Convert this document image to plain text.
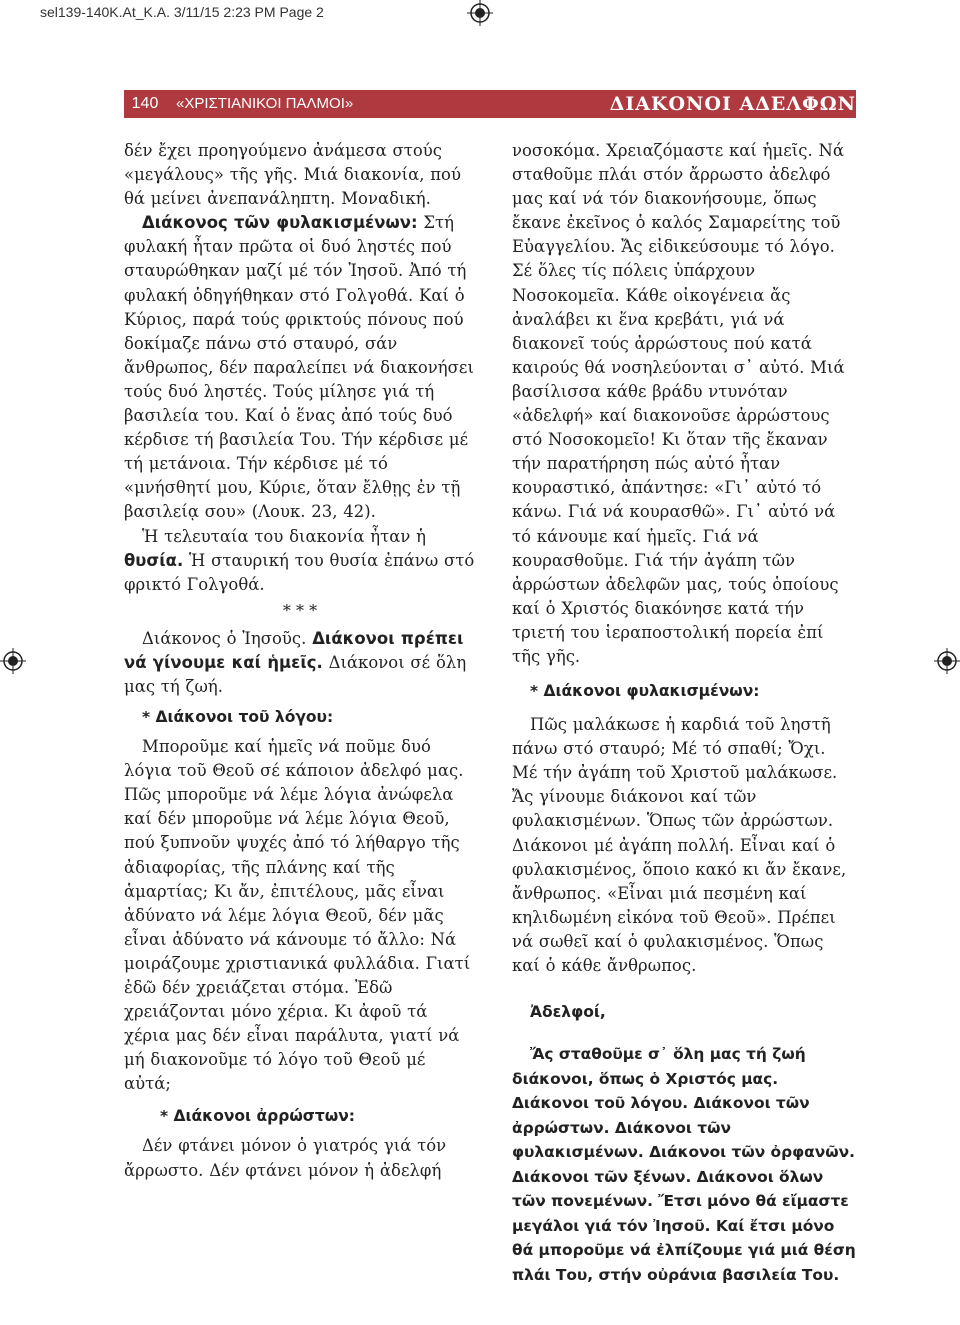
sel139-140K.At_K.A. 3/11/15 2:23 PM Page 2
140	«ΧΡΙΣΤΙΑΝΙΚΟΙ ΠΑΛΜΟΙ»	ΔΙΑΚΟΝΟΙ ΑΔΕΛΦΩΝ

δέν ἔχει προηγούμενο ἀνάμεσα στούς «μεγάλους» τῆς γῆς. Μιά διακονία, πού θά μείνει ἀνεπανάληπτη. Μοναδική.

Διάκονος τῶν φυλακισμένων: Στή φυλακή ἦταν πρῶτα οἱ δυό ληστές πού σταυρώθηκαν μαζί μέ τόν Ἰησοῦ. Ἀπό τή φυλακή ὁδηγήθηκαν στό Γολγοθά. Καί ὁ Κύριος, παρά τούς φρικτούς πόνους πού δοκίμαζε πάνω στό σταυρό, σάν ἄνθρωπος, δέν παραλείπει νά διακονήσει τούς δυό ληστές. Τούς μίλησε γιά τή βασιλεία του. Καί ὁ ἕνας ἀπό τούς δυό κέρδισε τή βασιλεία Του. Τήν κέρδισε μέ τή μετάνοια. Τήν κέρδισε μέ τό «μνήσθητί μου, Κύριε, ὅταν ἔλθῃς ἐν τῇ βασιλείᾳ σου» (Λουκ. 23, 42).

Ἡ τελευταία του διακονία ἦταν ἡ θυσία. Ἡ σταυρική του θυσία ἐπάνω στό φρικτό Γολγοθά.

* * *

Διάκονος ὁ Ἰησοῦς. Διάκονοι πρέπει νά γίνουμε καί ἡμεῖς. Διάκονοι σέ ὅλη μας τή ζωή.

* Διάκονοι τοῦ λόγου:

Μποροῦμε καί ἡμεῖς νά ποῦμε δυό λόγια τοῦ Θεοῦ σέ κάποιον ἀδελφό μας. Πῶς μποροῦμε νά λέμε λόγια ἀνώφελα καί δέν μποροῦμε νά λέμε λόγια Θεοῦ, πού ξυπνοῦν ψυχές ἀπό τό λήθαργο τῆς ἀδιαφορίας, τῆς πλάνης καί τῆς ἁμαρτίας; Κι ἄν, ἐπιτέλους, μᾶς εἶναι ἀδύνατο νά λέμε λόγια Θεοῦ, δέν μᾶς εἶναι ἀδύνατο νά κάνουμε τό ἄλλο: Νά μοιράζουμε χριστιανικά φυλλάδια. Γιατί ἐδῶ δέν χρειάζεται στόμα. Ἐδῶ χρειάζονται μόνο χέρια. Κι ἀφοῦ τά χέρια μας δέν εἶναι παράλυτα, γιατί νά μή διακονοῦμε τό λόγο τοῦ Θεοῦ μέ αὐτά;

* Διάκονοι ἀρρώστων:

Δέν φτάνει μόνον ὁ γιατρός γιά τόν ἄρρωστο. Δέν φτάνει μόνον ἡ ἀδελφή

νοσοκόμα. Χρειαζόμαστε καί ἡμεῖς. Νά σταθοῦμε πλάι στόν ἄρρωστο ἀδελφό μας καί νά τόν διακονήσουμε, ὅπως ἔκανε ἐκεῖνος ὁ καλός Σαμαρείτης τοῦ Εὐαγγελίου. Ἄς εἰδικεύσουμε τό λόγο. Σέ ὅλες τίς πόλεις ὑπάρχουν Νοσοκομεῖα. Κάθε οἰκογένεια ἄς ἀναλάβει κι ἕνα κρεβάτι, γιά νά διακονεῖ τούς ἀρρώστους πού κατά καιρούς θά νοσηλεύονται σ᾽ αὐτό. Μιά βασίλισσα κάθε βράδυ ντυνόταν «ἀδελφή» καί διακονοῦσε ἀρρώστους στό Νοσοκομεῖο! Κι ὅταν τῆς ἔκαναν τήν παρατήρηση πώς αὐτό ἦταν κουραστικό, ἀπάντησε: «Γι᾽ αὐτό τό κάνω. Γιά νά κουρασθῶ». Γι᾽ αὐτό νά τό κάνουμε καί ἡμεῖς. Γιά νά κουρασθοῦμε. Γιά τήν ἀγάπη τῶν ἀρρώστων ἀδελφῶν μας, τούς ὁποίους καί ὁ Χριστός διακόνησε κατά τήν τριετή του ἱεραποστολική πορεία ἐπί τῆς γῆς.

* Διάκονοι φυλακισμένων:

Πῶς μαλάκωσε ἡ καρδιά τοῦ ληστῆ πάνω στό σταυρό; Μέ τό σπαθί; Ὄχι. Μέ τήν ἀγάπη τοῦ Χριστοῦ μαλάκωσε. Ἄς γίνουμε διάκονοι καί τῶν φυλακισμένων. Ὅπως τῶν ἀρρώστων. Διάκονοι μέ ἀγάπη πολλή. Εἶναι καί ὁ φυλακισμένος, ὅποιο κακό κι ἄν ἔκανε, ἄνθρωπος. «Εἶναι μιά πεσμένη καί κηλιδωμένη εἰκόνα τοῦ Θεοῦ». Πρέπει νά σωθεῖ καί ὁ φυλακισμένος. Ὅπως καί ὁ κάθε ἄνθρωπος.

Ἀδελφοί,

Ἄς σταθοῦμε σ᾽ ὅλη μας τή ζωή διάκονοι, ὅπως ὁ Χριστός μας. Διάκονοι τοῦ λόγου. Διάκονοι τῶν ἀρρώστων. Διάκονοι τῶν φυλακισμένων. Διάκονοι τῶν ὀρφανῶν. Διάκονοι τῶν ξένων. Διάκονοι ὅλων τῶν πονεμένων. Ἔτσι μόνο θά εἴμαστε μεγάλοι γιά τόν Ἰησοῦ. Καί ἔτσι μόνο θά μποροῦμε νά ἐλπίζουμε γιά μιά θέση πλάι Του, στήν οὐράνια βασιλεία Του.
